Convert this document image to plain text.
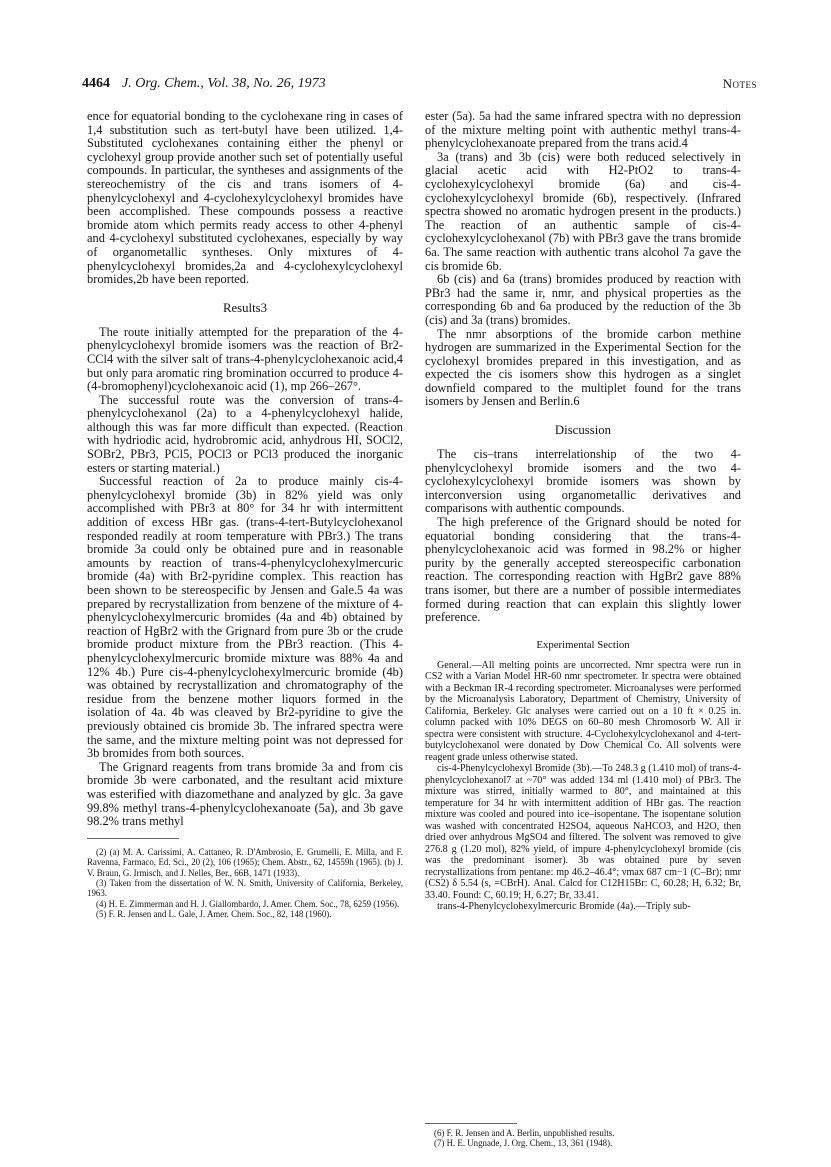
4464 J. Org. Chem., Vol. 38, No. 26, 1973	Notes

ence for equatorial bonding to the cyclohexane ring in cases of 1,4 substitution such as tert-butyl have been utilized. 1,4-Substituted cyclohexanes containing either the phenyl or cyclohexyl group provide another such set of potentially useful compounds. In particular, the syntheses and assignments of the stereochemistry of the cis and trans isomers of 4-phenylcyclohexyl and 4-cyclohexylcyclohexyl bromides have been accomplished. These compounds possess a reactive bromide atom which permits ready access to other 4-phenyl and 4-cyclohexyl substituted cyclohexanes, especially by way of organometallic syntheses. Only mixtures of 4-phenylcyclohexyl bromides,2a and 4-cyclohexylcyclohexyl bromides,2b have been reported.

Results3

The route initially attempted for the preparation of the 4-phenylcyclohexyl bromide isomers was the reaction of Br2-CCl4 with the silver salt of trans-4-phenylcyclohexanoic acid,4 but only para aromatic ring bromination occurred to produce 4-(4-bromophenyl)cyclohexanoic acid (1), mp 266–267°.

The successful route was the conversion of trans-4-phenylcyclohexanol (2a) to a 4-phenylcyclohexyl halide, although this was far more difficult than expected. (Reaction with hydriodic acid, hydrobromic acid, anhydrous HI, SOCl2, SOBr2, PBr3, PCl5, POCl3 or PCl3 produced the inorganic esters or starting material.)

Successful reaction of 2a to produce mainly cis-4-phenylcyclohexyl bromide (3b) in 82% yield was only accomplished with PBr3 at 80° for 34 hr with intermittent addition of excess HBr gas. (trans-4-tert-Butylcyclohexanol responded readily at room temperature with PBr3.) The trans bromide 3a could only be obtained pure and in reasonable amounts by reaction of trans-4-phenylcyclohexylmercuric bromide (4a) with Br2-pyridine complex. This reaction has been shown to be stereospecific by Jensen and Gale.5 4a was prepared by recrystallization from benzene of the mixture of 4-phenylcyclohexylmercuric bromides (4a and 4b) obtained by reaction of HgBr2 with the Grignard from pure 3b or the crude bromide product mixture from the PBr3 reaction. (This 4-phenylcyclohexylmercuric bromide mixture was 88% 4a and 12% 4b.) Pure cis-4-phenylcyclohexylmercuric bromide (4b) was obtained by recrystallization and chromatography of the residue from the benzene mother liquors formed in the isolation of 4a. 4b was cleaved by Br2-pyridine to give the previously obtained cis bromide 3b. The infrared spectra were the same, and the mixture melting point was not depressed for 3b bromides from both sources.

The Grignard reagents from trans bromide 3a and from cis bromide 3b were carbonated, and the resultant acid mixture was esterified with diazomethane and analyzed by glc. 3a gave 99.8% methyl trans-4-phenylcyclohexanoate (5a), and 3b gave 98.2% trans methyl

(2) (a) M. A. Carissimi, A. Cattaneo, R. D'Ambrosio, E. Grumelli, E. Milla, and F. Ravenna, Farmaco, Ed. Sci., 20 (2), 106 (1965); Chem. Abstr., 62, 14559h (1965). (b) J. V. Braun, G. Irmisch, and J. Nelles, Ber., 66B, 1471 (1933).
(3) Taken from the dissertation of W. N. Smith, University of California, Berkeley, 1963.
(4) H. E. Zimmerman and H. J. Giallombardo, J. Amer. Chem. Soc., 78, 6259 (1956).
(5) F. R. Jensen and L. Gale, J. Amer. Chem. Soc., 82, 148 (1960).

ester (5a). 5a had the same infrared spectra with no depression of the mixture melting point with authentic methyl trans-4-phenylcyclohexanoate prepared from the trans acid.4

3a (trans) and 3b (cis) were both reduced selectively in glacial acetic acid with H2-PtO2 to trans-4-cyclohexylcyclohexyl bromide (6a) and cis-4-cyclohexylcyclohexyl bromide (6b), respectively. (Infrared spectra showed no aromatic hydrogen present in the products.) The reaction of an authentic sample of cis-4-cyclohexylcyclohexanol (7b) with PBr3 gave the trans bromide 6a. The same reaction with authentic trans alcohol 7a gave the cis bromide 6b.

6b (cis) and 6a (trans) bromides produced by reaction with PBr3 had the same ir, nmr, and physical properties as the corresponding 6b and 6a produced by the reduction of the 3b (cis) and 3a (trans) bromides.

The nmr absorptions of the bromide carbon methine hydrogen are summarized in the Experimental Section for the cyclohexyl bromides prepared in this investigation, and as expected the cis isomers show this hydrogen as a singlet downfield compared to the multiplet found for the trans isomers by Jensen and Berlin.6

Discussion

The cis–trans interrelationship of the two 4-phenylcyclohexyl bromide isomers and the two 4-cyclohexylcyclohexyl bromide isomers was shown by interconversion using organometallic derivatives and comparisons with authentic compounds.

The high preference of the Grignard should be noted for equatorial bonding considering that the trans-4-phenylcyclohexanoic acid was formed in 98.2% or higher purity by the generally accepted stereospecific carbonation reaction. The corresponding reaction with HgBr2 gave 88% trans isomer, but there are a number of possible intermediates formed during reaction that can explain this slightly lower preference.

Experimental Section

General.—All melting points are uncorrected. Nmr spectra were run in CS2 with a Varian Model HR-60 nmr spectrometer. Ir spectra were obtained with a Beckman IR-4 recording spectrometer. Microanalyses were performed by the Microanalysis Laboratory, Department of Chemistry, University of California, Berkeley. Glc analyses were carried out on a 10 ft × 0.25 in. column packed with 10% DEGS on 60–80 mesh Chromosorb W. All ir spectra were consistent with structure. 4-Cyclohexylcyclohexanol and 4-tert-butylcyclohexanol were donated by Dow Chemical Co. All solvents were reagent grade unless otherwise stated.

cis-4-Phenylcyclohexyl Bromide (3b).—To 248.3 g (1.410 mol) of trans-4-phenylcyclohexanol7 at ~70° was added 134 ml (1.410 mol) of PBr3. The mixture was stirred, initially warmed to 80°, and maintained at this temperature for 34 hr with intermittent addition of HBr gas. The reaction mixture was cooled and poured into ice–isopentane. The isopentane solution was washed with concentrated H2SO4, aqueous NaHCO3, and H2O, then dried over anhydrous MgSO4 and filtered. The solvent was removed to give 276.8 g (1.20 mol), 82% yield, of impure 4-phenylcyclohexyl bromide (cis was the predominant isomer). 3b was obtained pure by seven recrystallizations from pentane: mp 46.2–46.4°; νmax 687 cm−1 (C–Br); nmr (CS2) δ 5.54 (s, =CBrH). Anal. Calcd for C12H15Br: C, 60.28; H, 6.32; Br, 33.40. Found: C, 60.19; H, 6.27; Br, 33.41.

trans-4-Phenylcyclohexylmercuric Bromide (4a).—Triply sub-

(6) F. R. Jensen and A. Berlin, unpublished results.
(7) H. E. Ungnade, J. Org. Chem., 13, 361 (1948).
